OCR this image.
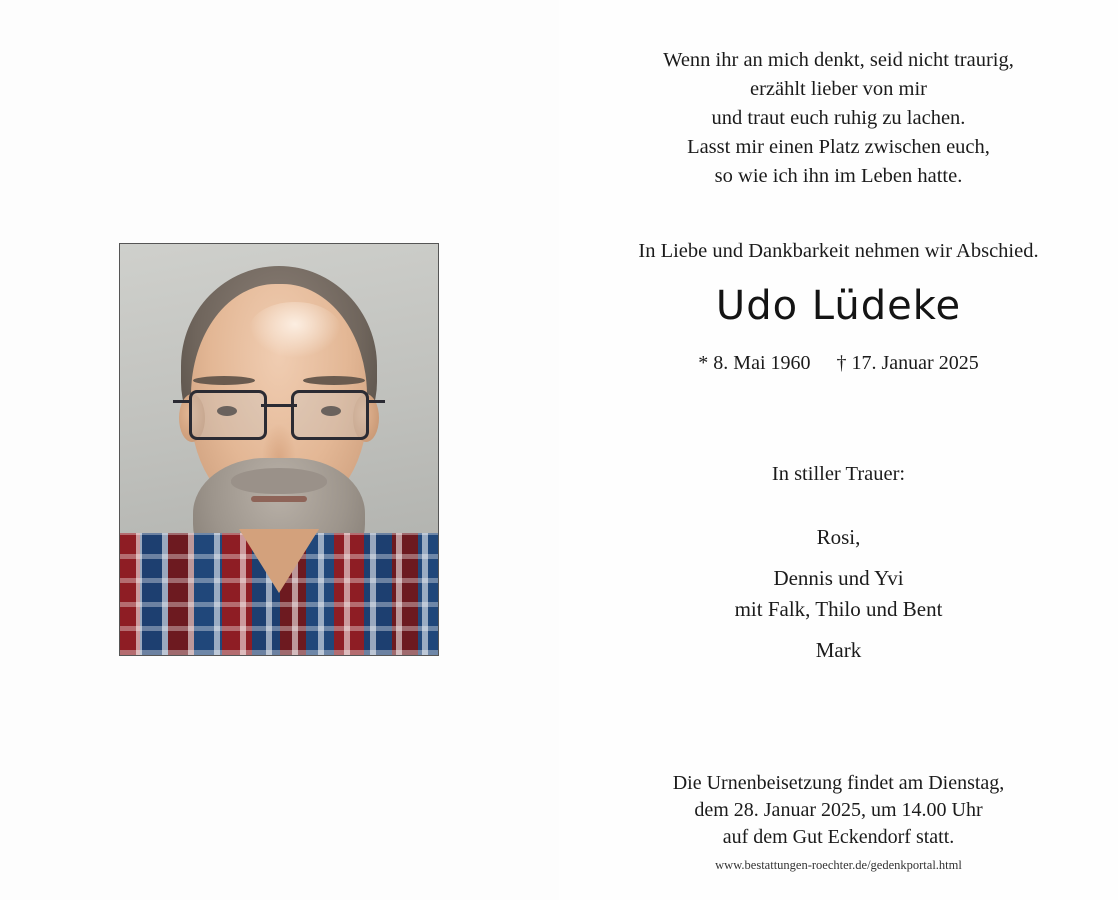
Wenn ihr an mich denkt, seid nicht traurig,
erzählt lieber von mir
und traut euch ruhig zu lachen.
Lasst mir einen Platz zwischen euch,
so wie ich ihn im Leben hatte.
In Liebe und Dankbarkeit nehmen wir Abschied.
Udo Lüdeke
* 8. Mai 1960 † 17. Januar 2025
In stiller Trauer:
Rosi,
Dennis und Yvi
mit Falk, Thilo und Bent
Mark
Die Urnenbeisetzung findet am Dienstag,
dem 28. Januar 2025, um 14.00 Uhr
auf dem Gut Eckendorf statt.
www.bestattungen-roechter.de/gedenkportal.html
